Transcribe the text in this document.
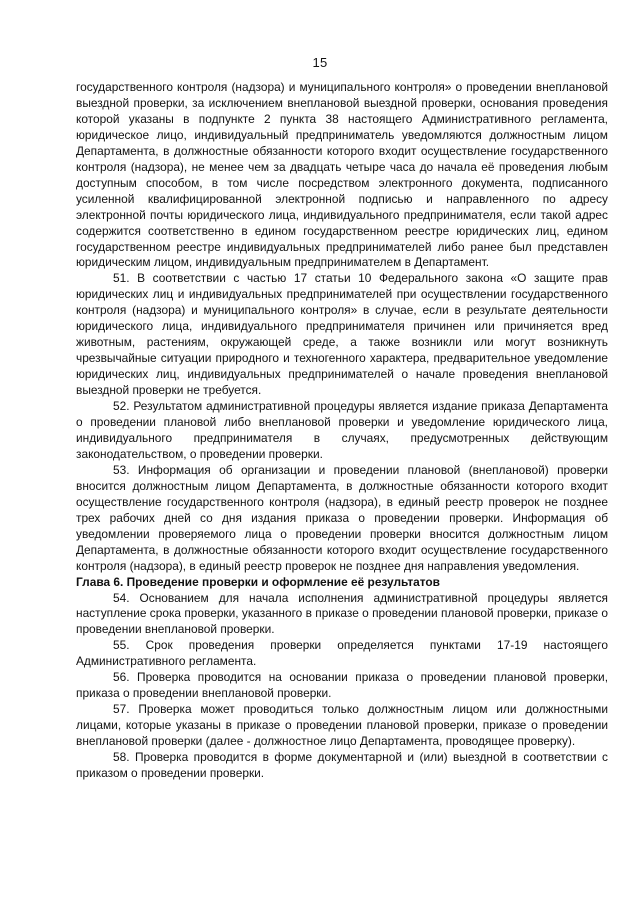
15

государственного контроля (надзора) и муниципального контроля» о проведении внеплановой выездной проверки, за исключением внеплановой выездной проверки, основания проведения которой указаны в подпункте 2 пункта 38 настоящего Административного регламента, юридическое лицо, индивидуальный предприниматель уведомляются должностным лицом Департамента, в должностные обязанности которого входит осуществление государственного контроля (надзора), не менее чем за двадцать четыре часа до начала её проведения любым доступным способом, в том числе посредством электронного документа, подписанного усиленной квалифицированной электронной подписью и направленного по адресу электронной почты юридического лица, индивидуального предпринимателя, если такой адрес содержится соответственно в едином государственном реестре юридических лиц, едином государственном реестре индивидуальных предпринимателей либо ранее был представлен юридическим лицом, индивидуальным предпринимателем в Департамент.

51. В соответствии с частью 17 статьи 10 Федерального закона «О защите прав юридических лиц и индивидуальных предпринимателей при осуществлении государственного контроля (надзора) и муниципального контроля» в случае, если в результате деятельности юридического лица, индивидуального предпринимателя причинен или причиняется вред животным, растениям, окружающей среде, а также возникли или могут возникнуть чрезвычайные ситуации природного и техногенного характера, предварительное уведомление юридических лиц, индивидуальных предпринимателей о начале проведения внеплановой выездной проверки не требуется.

52. Результатом административной процедуры является издание приказа Департамента о проведении плановой либо внеплановой проверки и уведомление юридического лица, индивидуального предпринимателя в случаях, предусмотренных действующим законодательством, о проведении проверки.

53. Информация об организации и проведении плановой (внеплановой) проверки вносится должностным лицом Департамента, в должностные обязанности которого входит осуществление государственного контроля (надзора), в единый реестр проверок не позднее трех рабочих дней со дня издания приказа о проведении проверки. Информация об уведомлении проверяемого лица о проведении проверки вносится должностным лицом Департамента, в должностные обязанности которого входит осуществление государственного контроля (надзора), в единый реестр проверок не позднее дня направления уведомления.

Глава 6. Проведение проверки и оформление её результатов

54. Основанием для начала исполнения административной процедуры является наступление срока проверки, указанного в приказе о проведении плановой проверки, приказе о проведении внеплановой проверки.

55. Срок проведения проверки определяется пунктами 17-19 настоящего Административного регламента.

56. Проверка проводится на основании приказа о проведении плановой проверки, приказа о проведении внеплановой проверки.

57. Проверка может проводиться только должностным лицом или должностными лицами, которые указаны в приказе о проведении плановой проверки, приказе о проведении внеплановой проверки (далее - должностное лицо Департамента, проводящее проверку).

58. Проверка проводится в форме документарной и (или) выездной в соответствии с приказом о проведении проверки.
